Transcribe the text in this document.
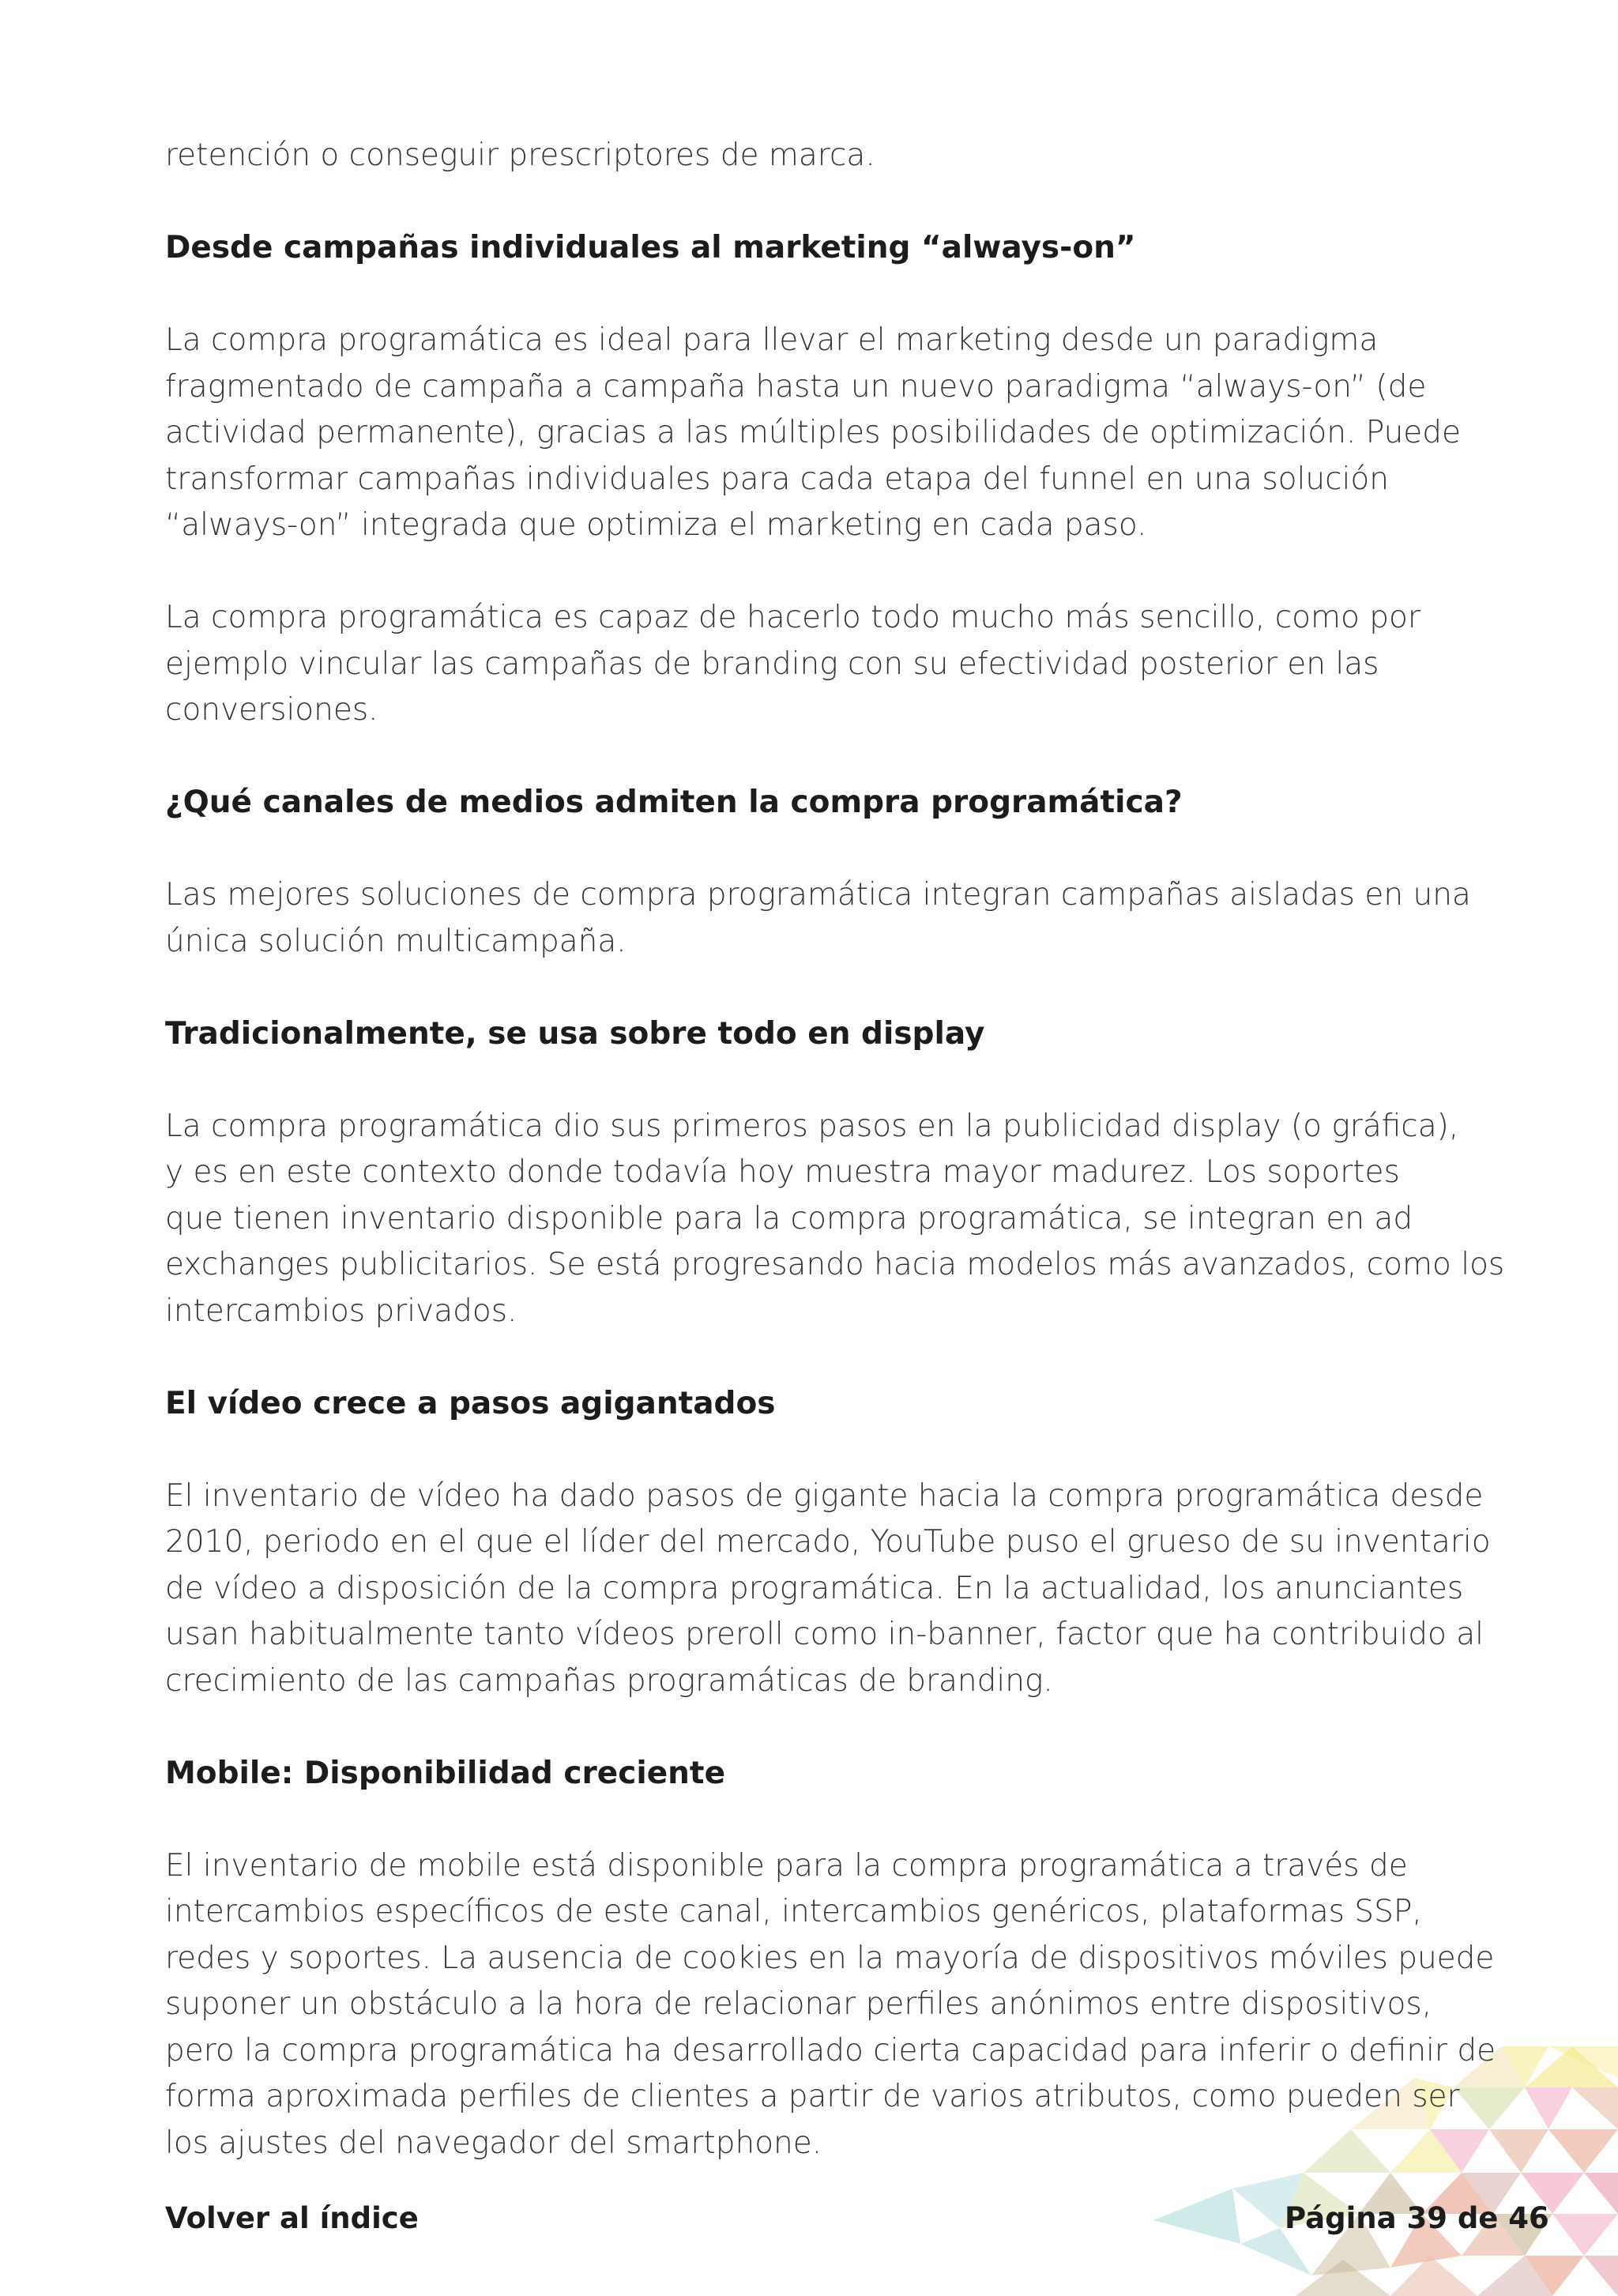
retención o conseguir prescriptores de marca.

Desde campañas individuales al marketing “always-on”

La compra programática es ideal para llevar el marketing desde un paradigma
fragmentado de campaña a campaña hasta un nuevo paradigma “always-on” (de
actividad permanente), gracias a las múltiples posibilidades de optimización. Puede
transformar campañas individuales para cada etapa del funnel en una solución
“always-on” integrada que optimiza el marketing en cada paso.

La compra programática es capaz de hacerlo todo mucho más sencillo, como por
ejemplo vincular las campañas de branding con su efectividad posterior en las
conversiones.

¿Qué canales de medios admiten la compra programática?

Las mejores soluciones de compra programática integran campañas aisladas en una
única solución multicampaña.

Tradicionalmente, se usa sobre todo en display

La compra programática dio sus primeros pasos en la publicidad display (o gráfica),
y es en este contexto donde todavía hoy muestra mayor madurez. Los soportes
que tienen inventario disponible para la compra programática, se integran en ad
exchanges publicitarios. Se está progresando hacia modelos más avanzados, como los
intercambios privados.

El vídeo crece a pasos agigantados

El inventario de vídeo ha dado pasos de gigante hacia la compra programática desde
2010, periodo en el que el líder del mercado, YouTube puso el grueso de su inventario
de vídeo a disposición de la compra programática. En la actualidad, los anunciantes
usan habitualmente tanto vídeos preroll como in-banner, factor que ha contribuido al
crecimiento de las campañas programáticas de branding.

Mobile: Disponibilidad creciente

El inventario de mobile está disponible para la compra programática a través de
intercambios específicos de este canal, intercambios genéricos, plataformas SSP,
redes y soportes. La ausencia de cookies en la mayoría de dispositivos móviles puede
suponer un obstáculo a la hora de relacionar perfiles anónimos entre dispositivos,
pero la compra programática ha desarrollado cierta capacidad para inferir o definir de
forma aproximada perfiles de clientes a partir de varios atributos, como pueden ser
los ajustes del navegador del smartphone.

Volver al índice	Página 39 de 46
